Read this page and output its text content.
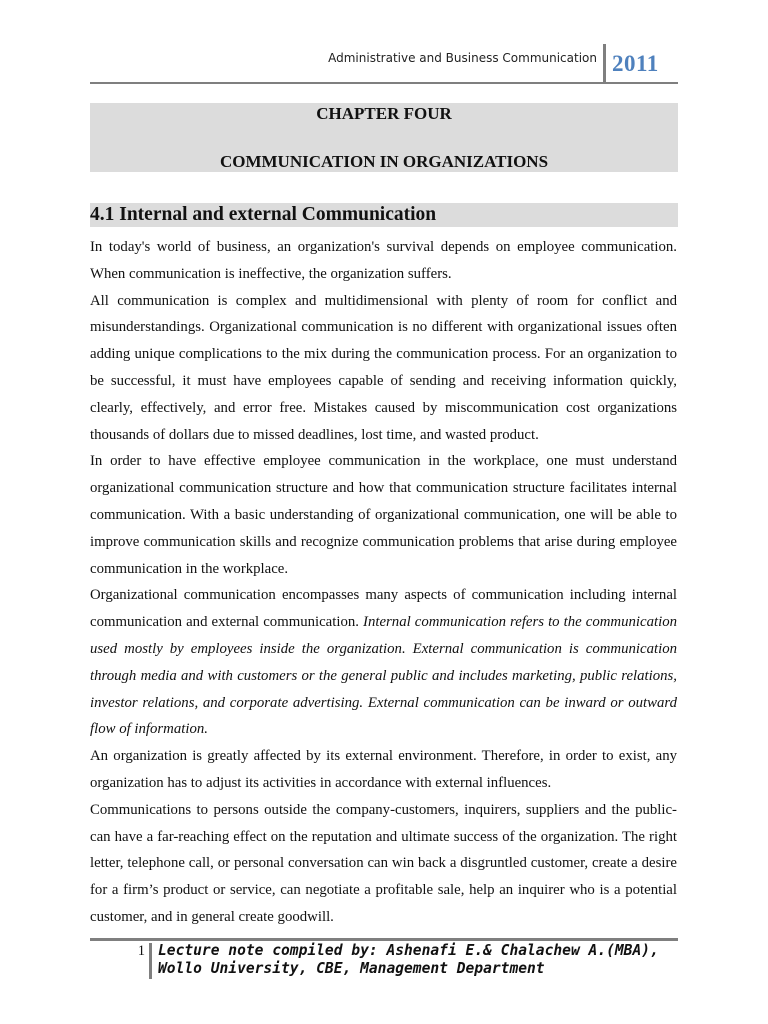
Administrative and Business Communication 2011
CHAPTER FOUR
COMMUNICATION IN ORGANIZATIONS
4.1 Internal and external Communication

In today's world of business, an organization's survival depends on employee communication. When communication is ineffective, the organization suffers.

All communication is complex and multidimensional with plenty of room for conflict and misunderstandings. Organizational communication is no different with organizational issues often adding unique complications to the mix during the communication process. For an organization to be successful, it must have employees capable of sending and receiving information quickly, clearly, effectively, and error free. Mistakes caused by miscommunication cost organizations thousands of dollars due to missed deadlines, lost time, and wasted product.

In order to have effective employee communication in the workplace, one must understand organizational communication structure and how that communication structure facilitates internal communication. With a basic understanding of organizational communication, one will be able to improve communication skills and recognize communication problems that arise during employee communication in the workplace.

Organizational communication encompasses many aspects of communication including internal communication and external communication. Internal communication refers to the communication used mostly by employees inside the organization. External communication is communication through media and with customers or the general public and includes marketing, public relations, investor relations, and corporate advertising. External communication can be inward or outward flow of information.

An organization is greatly affected by its external environment. Therefore, in order to exist, any organization has to adjust its activities in accordance with external influences.

Communications to persons outside the company-customers, inquirers, suppliers and the public-can have a far-reaching effect on the reputation and ultimate success of the organization. The right letter, telephone call, or personal conversation can win back a disgruntled customer, create a desire for a firm’s product or service, can negotiate a profitable sale, help an inquirer who is a potential customer, and in general create goodwill.

1 Lecture note compiled by: Ashenafi E.& Chalachew A.(MBA),
Wollo University, CBE, Management Department
